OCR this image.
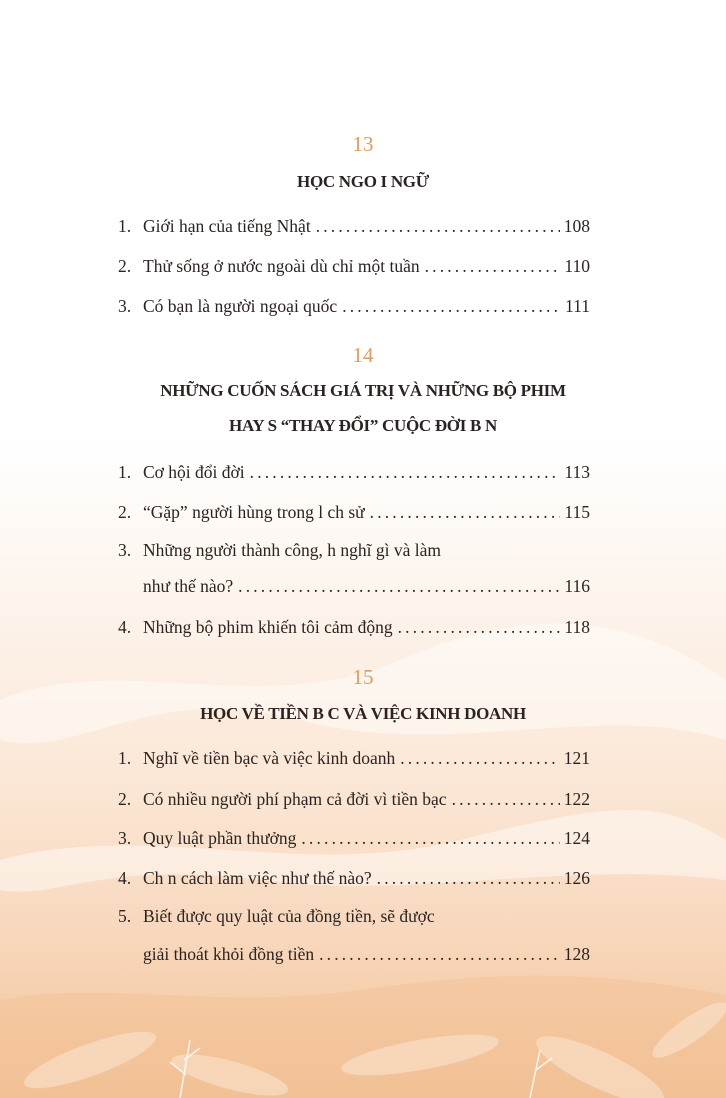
13
HỌC NGO I NGỮ
1. Giới hạn của tiếng Nhật . . .	108
2. Thử sống ở nước ngoài dù chỉ một tuần . . .	110
3. Có bạn là người ngoại quốc . . .	111
14
NHỮNG CUỐN SÁCH GIÁ TRỊ VÀ NHỮNG BỘ PHIM
HAY S “THAY ĐỔI” CUỘC ĐỜI B N
1. Cơ hội đổi đời . . .	113
2. “Gặp” người hùng trong l ch sử . . .	115
3. Những người thành công, h nghĩ gì và làm
như thế nào? . . .	116
4. Những bộ phim khiến tôi cảm động . . .	118
15
HỌC VỀ TIỀN B C VÀ VIỆC KINH DOANH
1. Nghĩ về tiền bạc và việc kinh doanh . . .	121
2. Có nhiều người phí phạm cả đời vì tiền bạc . . .	122
3. Quy luật phần thưởng . . .	124
4. Ch n cách làm việc như thế nào? . . .	126
5. Biết được quy luật của đồng tiền, sẽ được
giải thoát khỏi đồng tiền . . .	128
